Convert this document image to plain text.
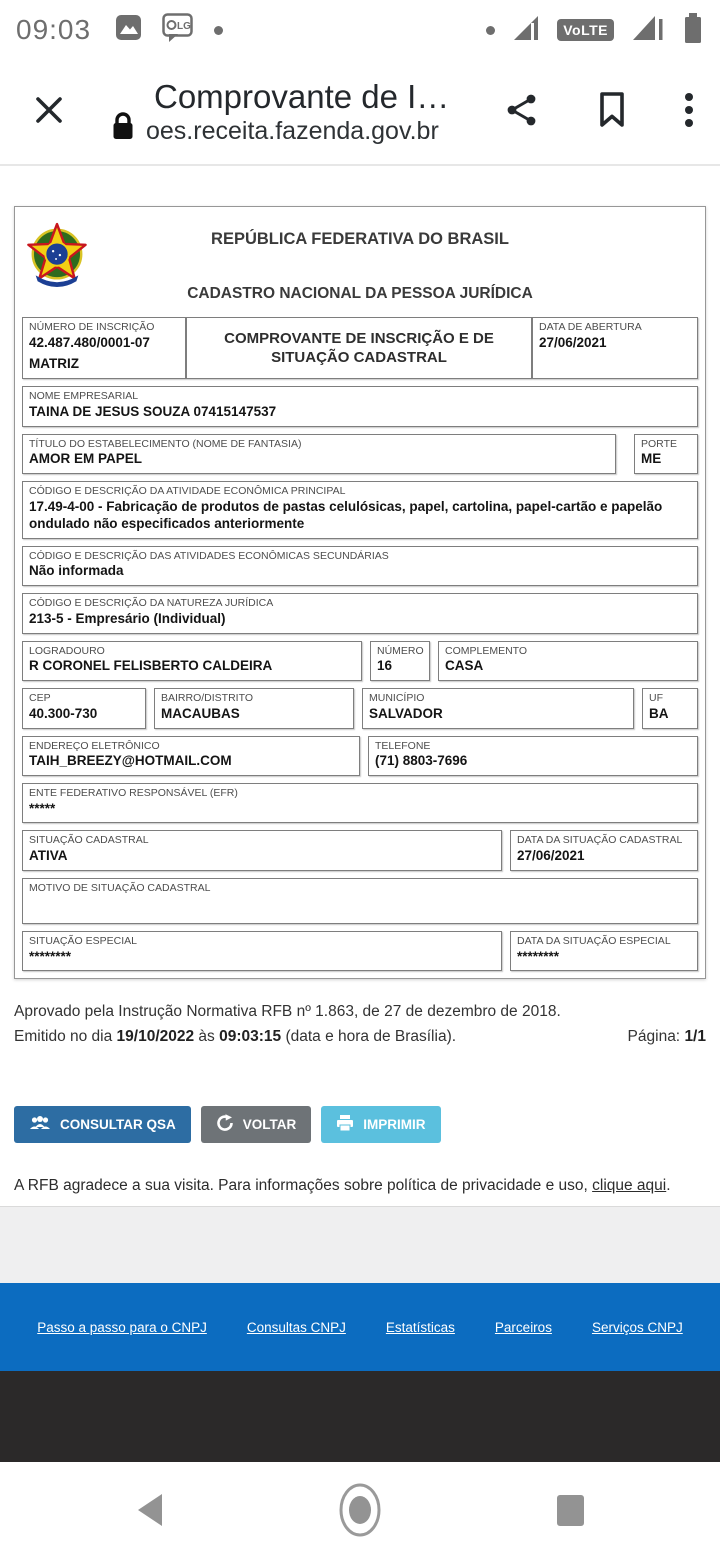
09:03	LG	VoLTE
Comprovante de I…
oes.receita.fazenda.gov.br
REPÚBLICA FEDERATIVA DO BRASIL
CADASTRO NACIONAL DA PESSOA JURÍDICA
NÚMERO DE INSCRIÇÃO
42.487.480/0001-07
MATRIZ
COMPROVANTE DE INSCRIÇÃO E DE SITUAÇÃO CADASTRAL
DATA DE ABERTURA
27/06/2021
NOME EMPRESARIAL
TAINA DE JESUS SOUZA 07415147537
TÍTULO DO ESTABELECIMENTO (NOME DE FANTASIA)
AMOR EM PAPEL
PORTE
ME
CÓDIGO E DESCRIÇÃO DA ATIVIDADE ECONÔMICA PRINCIPAL
17.49-4-00 - Fabricação de produtos de pastas celulósicas, papel, cartolina, papel-cartão e papelão ondulado não especificados anteriormente
CÓDIGO E DESCRIÇÃO DAS ATIVIDADES ECONÔMICAS SECUNDÁRIAS
Não informada
CÓDIGO E DESCRIÇÃO DA NATUREZA JURÍDICA
213-5 - Empresário (Individual)
LOGRADOURO
R CORONEL FELISBERTO CALDEIRA
NÚMERO
16
COMPLEMENTO
CASA
CEP
40.300-730
BAIRRO/DISTRITO
MACAUBAS
MUNICÍPIO
SALVADOR
UF
BA
ENDEREÇO ELETRÔNICO
TAIH_BREEZY@HOTMAIL.COM
TELEFONE
(71) 8803-7696
ENTE FEDERATIVO RESPONSÁVEL (EFR)
*****
SITUAÇÃO CADASTRAL
ATIVA
DATA DA SITUAÇÃO CADASTRAL
27/06/2021
MOTIVO DE SITUAÇÃO CADASTRAL
SITUAÇÃO ESPECIAL
********
DATA DA SITUAÇÃO ESPECIAL
********
Aprovado pela Instrução Normativa RFB nº 1.863, de 27 de dezembro de 2018.
Emitido no dia 19/10/2022 às 09:03:15 (data e hora de Brasília).	Página: 1/1
CONSULTAR QSA	VOLTAR	IMPRIMIR
A RFB agradece a sua visita. Para informações sobre política de privacidade e uso, clique aqui.
Passo a passo para o CNPJ	Consultas CNPJ	Estatísticas	Parceiros	Serviços CNPJ
